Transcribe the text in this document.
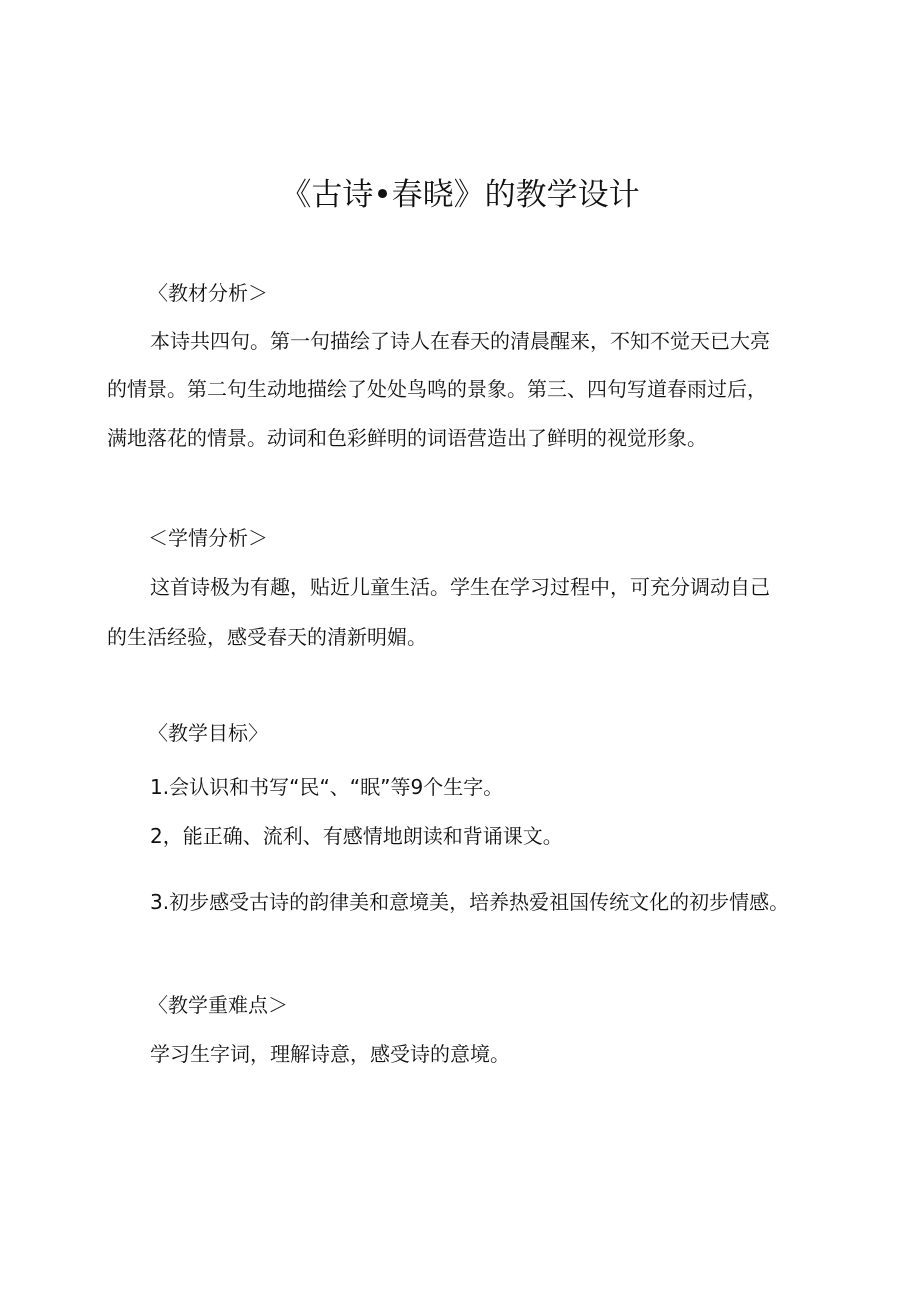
《古诗•春晓》的教学设计
〈教材分析＞
本诗共四句。第一句描绘了诗人在春天的清晨醒来，不知不觉天已大亮
的情景。第二句生动地描绘了处处鸟鸣的景象。第三、四句写道春雨过后，
满地落花的情景。动词和色彩鲜明的词语营造出了鲜明的视觉形象。
＜学情分析＞
这首诗极为有趣，贴近儿童生活。学生在学习过程中，可充分调动自己
的生活经验，感受春天的清新明媚。
〈教学目标〉
1.会认识和书写“民“、“眠”等9个生字。
2，能正确、流利、有感情地朗读和背诵课文。
3.初步感受古诗的韵律美和意境美，培养热爱祖国传统文化的初步情感。
〈教学重难点＞
学习生字词，理解诗意，感受诗的意境。
